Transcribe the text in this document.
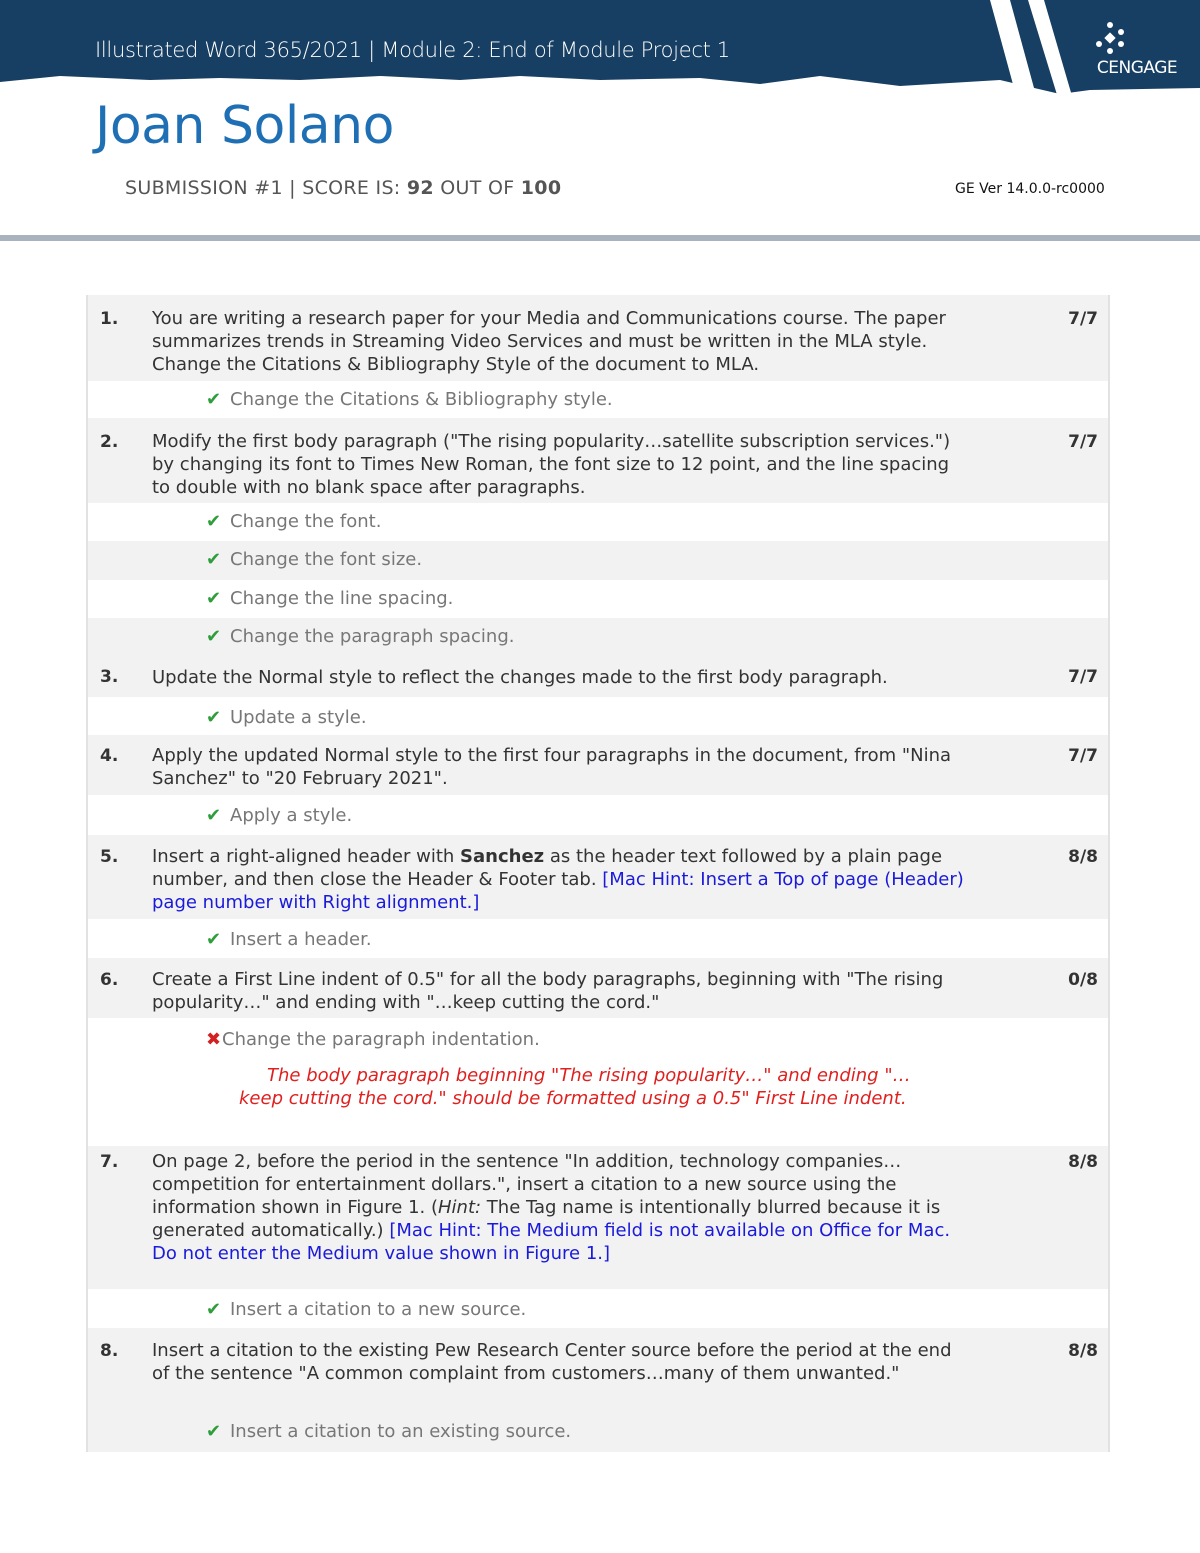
Illustrated Word 365/2021 | Module 2: End of Module Project 1
CENGAGE
Joan Solano
SUBMISSION #1 | SCORE IS: 92 OUT OF 100	GE Ver 14.0.0-rc0000
1. You are writing a research paper for your Media and Communications course. The paper summarizes trends in Streaming Video Services and must be written in the MLA style. Change the Citations & Bibliography Style of the document to MLA.
7/7
✔ Change the Citations & Bibliography style.
2. Modify the first body paragraph ("The rising popularity…satellite subscription services.") by changing its font to Times New Roman, the font size to 12 point, and the line spacing to double with no blank space after paragraphs.
7/7
✔ Change the font.
✔ Change the font size.
✔ Change the line spacing.
✔ Change the paragraph spacing.
3. Update the Normal style to reflect the changes made to the first body paragraph.	7/7
✔ Update a style.
4. Apply the updated Normal style to the first four paragraphs in the document, from "Nina Sanchez" to "20 February 2021".
7/7
✔ Apply a style.
5. Insert a right-aligned header with Sanchez as the header text followed by a plain page number, and then close the Header & Footer tab. [Mac Hint: Insert a Top of page (Header) page number with Right alignment.]
8/8
✔ Insert a header.
6. Create a First Line indent of 0.5" for all the body paragraphs, beginning with "The rising popularity…" and ending with "…keep cutting the cord."
0/8
✖Change the paragraph indentation.
The body paragraph beginning "The rising popularity…" and ending "…keep cutting the cord." should be formatted using a 0.5" First Line indent.
7. On page 2, before the period in the sentence "In addition, technology companies…competition for entertainment dollars.", insert a citation to a new source using the information shown in Figure 1. (Hint: The Tag name is intentionally blurred because it is generated automatically.) [Mac Hint: The Medium field is not available on Office for Mac. Do not enter the Medium value shown in Figure 1.]
8/8
✔ Insert a citation to a new source.
8. Insert a citation to the existing Pew Research Center source before the period at the end of the sentence "A common complaint from customers…many of them unwanted."
8/8
✔ Insert a citation to an existing source.
